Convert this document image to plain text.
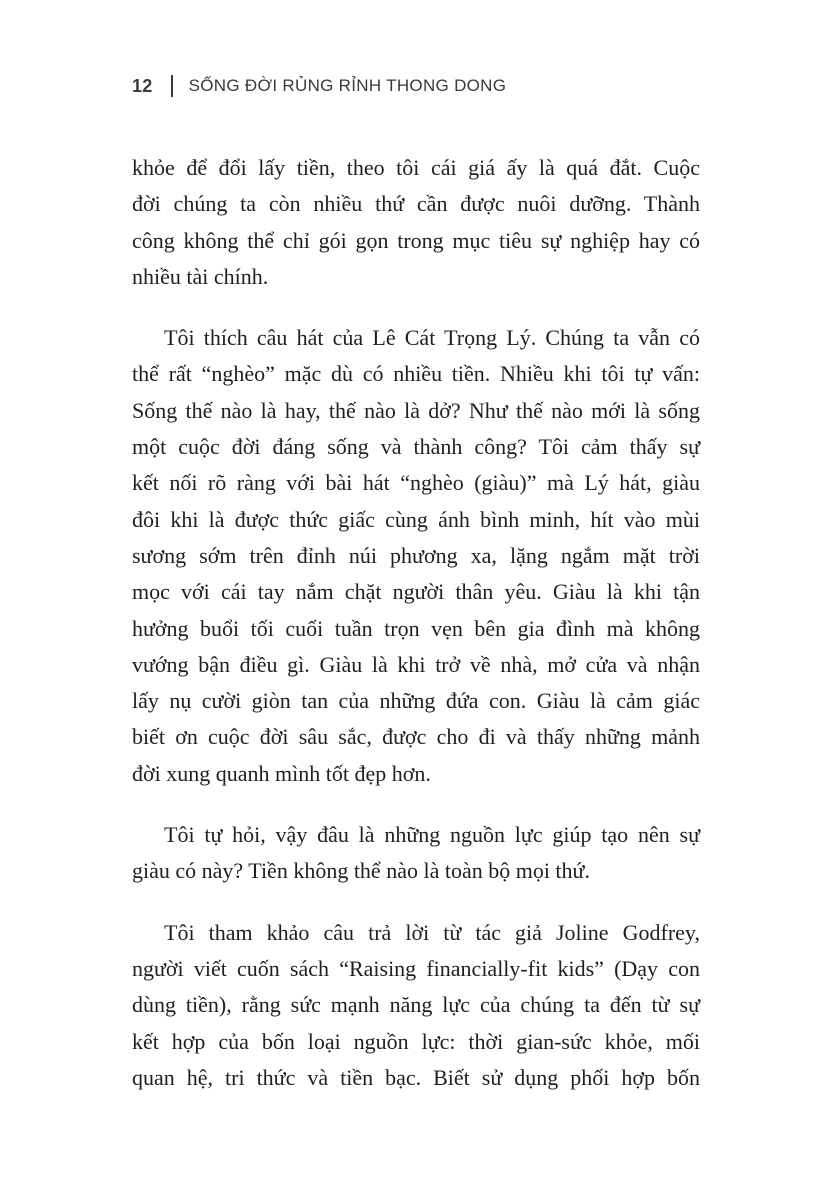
12 SỐNG ĐỜI RỦNG RỈNH THONG DONG

khỏe để đổi lấy tiền, theo tôi cái giá ấy là quá đắt. Cuộc
đời chúng ta còn nhiều thứ cần được nuôi dưỡng. Thành
công không thể chỉ gói gọn trong mục tiêu sự nghiệp hay có
nhiều tài chính.

Tôi thích câu hát của Lê Cát Trọng Lý. Chúng ta vẫn có
thể rất “nghèo” mặc dù có nhiều tiền. Nhiều khi tôi tự vấn:
Sống thế nào là hay, thế nào là dở? Như thế nào mới là sống
một cuộc đời đáng sống và thành công? Tôi cảm thấy sự
kết nối rõ ràng với bài hát “nghèo (giàu)” mà Lý hát, giàu
đôi khi là được thức giấc cùng ánh bình minh, hít vào mùi
sương sớm trên đỉnh núi phương xa, lặng ngắm mặt trời
mọc với cái tay nắm chặt người thân yêu. Giàu là khi tận
hưởng buổi tối cuối tuần trọn vẹn bên gia đình mà không
vướng bận điều gì. Giàu là khi trở về nhà, mở cửa và nhận
lấy nụ cười giòn tan của những đứa con. Giàu là cảm giác
biết ơn cuộc đời sâu sắc, được cho đi và thấy những mảnh
đời xung quanh mình tốt đẹp hơn.

Tôi tự hỏi, vậy đâu là những nguồn lực giúp tạo nên sự
giàu có này? Tiền không thể nào là toàn bộ mọi thứ.

Tôi tham khảo câu trả lời từ tác giả Joline Godfrey,
người viết cuốn sách “Raising financially-fit kids” (Dạy con
dùng tiền), rằng sức mạnh năng lực của chúng ta đến từ sự
kết hợp của bốn loại nguồn lực: thời gian-sức khỏe, mối
quan hệ, tri thức và tiền bạc. Biết sử dụng phối hợp bốn
